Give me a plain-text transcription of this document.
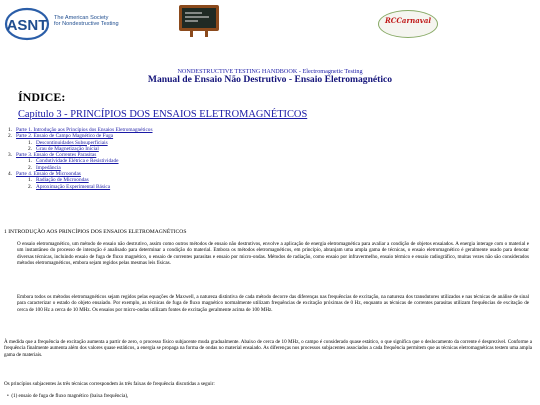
ASNT The American Society
for Nondestructive Testing	RCCarnaval
NONDESTRUCTIVE TESTING HANDBOOK - Electromagnetic Testing
Manual de Ensaio Não Destrutivo - Ensaio Eletromagnético
ÍNDICE:
Capítulo 3 - PRINCÍPIOS DOS ENSAIOS ELETROMAGNÉTICOS
1. Parte 1. Introdução aos Princípios dos Ensaios Eletromagnéticos
2. Parte 2. Ensaio de Campo Magnético de Fuga
1. Descontinuidades Subsuperficiais
2. Grau de Magnetização Inicial
3. Parte 3. Ensaio de Correntes Parasitas
1. Condutividade Elétrica e Resistividade
2. Impedância
4. Parte 4. Ensaio de Microondas
1. Radiação de Microondas
2. Aproximação Experimental Básica
1 INTRODUÇÃO AOS PRINCÍPIOS DOS ENSAIOS ELETROMAGNÉTICOS
O ensaio eletromagnético, um método de ensaio não destrutivo, assim como outros métodos de ensaio não destrutivos, envolve a aplicação de energia eletromagnética para avaliar a condição de objetos ensaiados. A energia interage com o material e um instantâneo do processo de interação é analisado para determinar a condição do material. Embora os métodos eletromagnéticos, em princípio, abranjam uma ampla gama de técnicas, o ensaio eletromagnético é geralmente usado para denotar diversas técnicas, incluindo ensaio de fuga de fluxo magnético, o ensaio de correntes parasitas e ensaio por micro-ondas. Métodos de radiação, como ensaio por infravermelho, ensaio térmico e ensaio radiográfico, muitas vezes não são considerados métodos eletromagnéticos, embora sejam regidos pelas mesmas leis físicas.
Embora todos os métodos eletromagnéticos sejam regidos pelas equações de Maxwell, a natureza distintiva de cada método decorre das diferenças nas frequências de excitação, na natureza dos transdutores utilizados e nas técnicas de análise de sinal para caracterizar o estado do objeto ensaiado. Por exemplo, as técnicas de fuga de fluxo magnético normalmente utilizam frequências de excitação próximas de 0 Hz, enquanto as técnicas de correntes parasitas utilizam frequências de excitação de cerca de 100 Hz a cerca de 10 MHz. Os ensaios por micro-ondas utilizam fontes de excitação geralmente acima de 100 MHz.
À medida que a frequência de excitação aumenta a partir de zero, o processo físico subjacente muda gradualmente. Abaixo de cerca de 10 MHz, o campo é considerado quase estático, o que significa que o deslocamento da corrente é desprezível. Conforme a frequência finalmente aumenta além dos valores quase estáticos, a energia se propaga na forma de ondas no material ensaiado. As diferenças nos processos subjacentes associados a cada frequência permitem que as técnicas eletromagnéticas testem uma ampla gama de materiais.
Os princípios subjacentes às três técnicas correspondem às três faixas de frequência discutidas a seguir:
•  (1) ensaio de fuga de fluxo magnético (baixa frequência),
